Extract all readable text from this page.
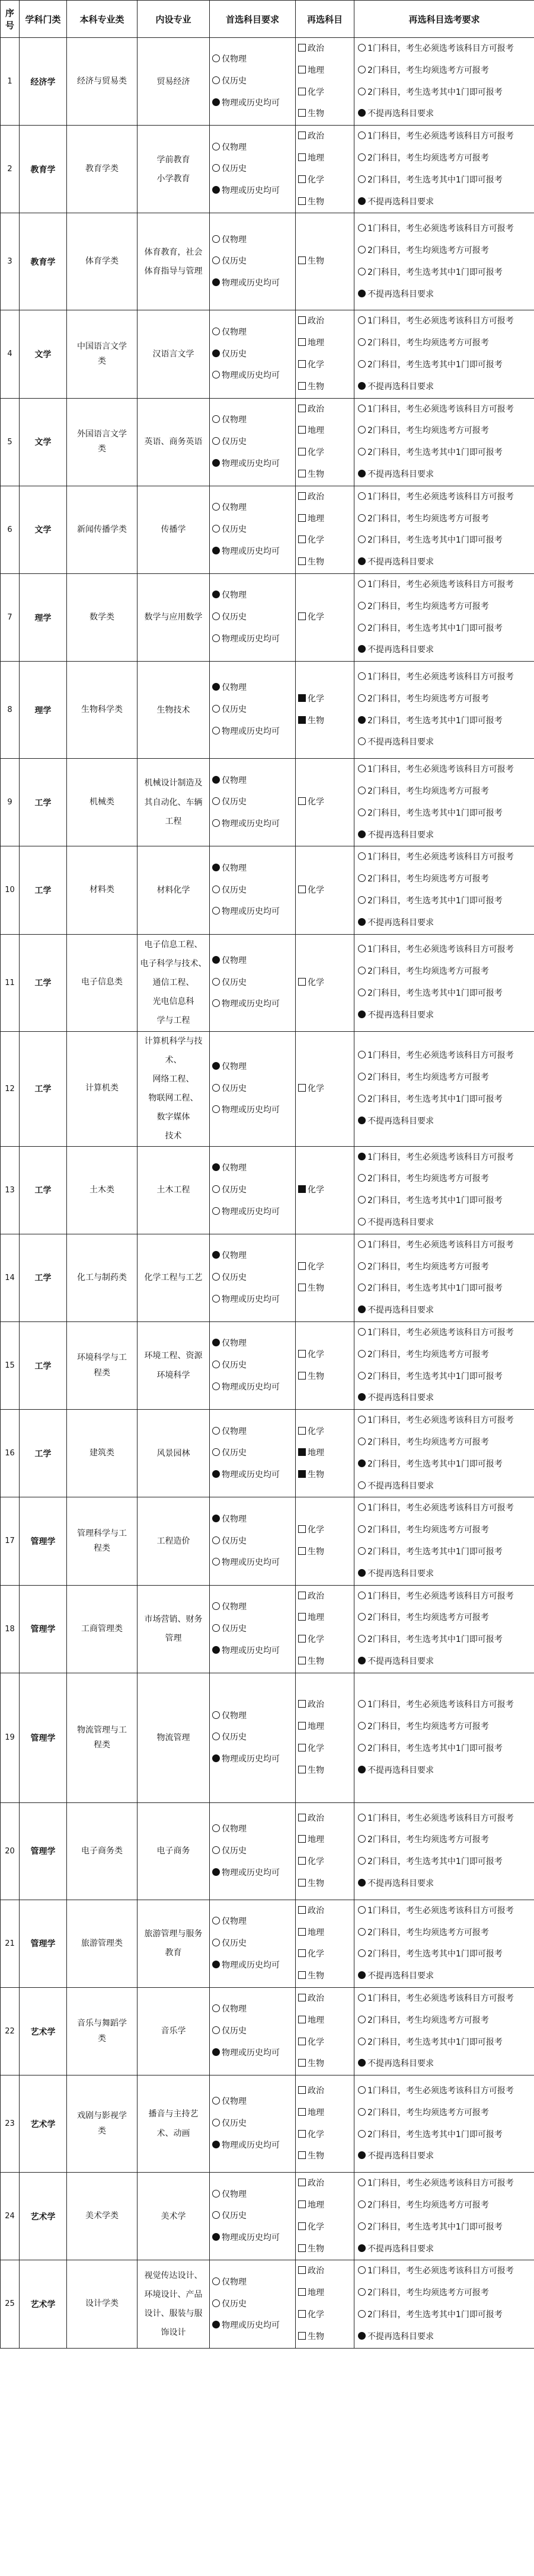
序号	学科门类	本科专业类	内设专业	首选科目要求	再选科目	再选科目选考要求
1	经济学	经济与贸易类	贸易经济	仅物理
仅历史
物理或历史均可	政治地理化学生物	1门科目，考生必须选考该科目方可报考
2门科目，考生均须选考方可报考
2门科目，考生选考其中1门即可报考
不提再选科目要求

2	教育学	教育学类	学前教育
小学教育	仅物理
仅历史
物理或历史均可	政治地理化学生物	1门科目，考生必须选考该科目方可报考
2门科目，考生均须选考方可报考
2门科目，考生选考其中1门即可报考
不提再选科目要求

3	教育学	体育学类	体育教育，社会
体育指导与管理	仅物理
仅历史
物理或历史均可	生物	1门科目，考生必须选考该科目方可报考
2门科目，考生均须选考方可报考
2门科目，考生选考其中1门即可报考
不提再选科目要求

4	文学	中国语言文学
类	汉语言文学	仅物理
仅历史
物理或历史均可	政治地理化学生物	1门科目，考生必须选考该科目方可报考
2门科目，考生均须选考方可报考
2门科目，考生选考其中1门即可报考
不提再选科目要求

5	文学	外国语言文学
类	英语、商务英语	仅物理
仅历史
物理或历史均可	政治地理化学生物	1门科目，考生必须选考该科目方可报考
2门科目，考生均须选考方可报考
2门科目，考生选考其中1门即可报考
不提再选科目要求

6	文学	新闻传播学类	传播学	仅物理
仅历史
物理或历史均可	政治地理化学生物	1门科目，考生必须选考该科目方可报考
2门科目，考生均须选考方可报考
2门科目，考生选考其中1门即可报考
不提再选科目要求

7	理学	数学类	数学与应用数学	仅物理
仅历史
物理或历史均可	化学	1门科目，考生必须选考该科目方可报考
2门科目，考生均须选考方可报考
2门科目，考生选考其中1门即可报考
不提再选科目要求

8	理学	生物科学类	生物技术	仅物理
仅历史
物理或历史均可	化学生物	1门科目，考生必须选考该科目方可报考
2门科目，考生均须选考方可报考
2门科目，考生选考其中1门即可报考
不提再选科目要求

9	工学	机械类	机械设计制造及
其自动化、车辆
工程	仅物理
仅历史
物理或历史均可	化学	1门科目，考生必须选考该科目方可报考
2门科目，考生均须选考方可报考
2门科目，考生选考其中1门即可报考
不提再选科目要求

10	工学	材料类	材料化学	仅物理
仅历史
物理或历史均可	化学	1门科目，考生必须选考该科目方可报考
2门科目，考生均须选考方可报考
2门科目，考生选考其中1门即可报考
不提再选科目要求

11	工学	电子信息类	电子信息工程、
电子科学与技术、
通信工程、
光电信息科
学与工程	仅物理
仅历史
物理或历史均可	化学	1门科目，考生必须选考该科目方可报考
2门科目，考生均须选考方可报考
2门科目，考生选考其中1门即可报考
不提再选科目要求

12	工学	计算机类	计算机科学与技术、
网络工程、
物联网工程、
数字媒体
技术	仅物理
仅历史
物理或历史均可	化学	1门科目，考生必须选考该科目方可报考
2门科目，考生均须选考方可报考
2门科目，考生选考其中1门即可报考
不提再选科目要求

13	工学	土木类	土木工程	仅物理
仅历史
物理或历史均可	化学	1门科目，考生必须选考该科目方可报考
2门科目，考生均须选考方可报考
2门科目，考生选考其中1门即可报考
不提再选科目要求

14	工学	化工与制药类	化学工程与工艺	仅物理
仅历史
物理或历史均可	化学生物	1门科目，考生必须选考该科目方可报考
2门科目，考生均须选考方可报考
2门科目，考生选考其中1门即可报考
不提再选科目要求

15	工学	环境科学与工
程类	环境工程、资源
环境科学	仅物理
仅历史
物理或历史均可	化学生物	1门科目，考生必须选考该科目方可报考
2门科目，考生均须选考方可报考
2门科目，考生选考其中1门即可报考
不提再选科目要求

16	工学	建筑类	风景园林	仅物理
仅历史
物理或历史均可	化学地理生物	1门科目，考生必须选考该科目方可报考
2门科目，考生均须选考方可报考
2门科目，考生选考其中1门即可报考
不提再选科目要求

17	管理学	管理科学与工
程类	工程造价	仅物理
仅历史
物理或历史均可	化学生物	1门科目，考生必须选考该科目方可报考
2门科目，考生均须选考方可报考
2门科目，考生选考其中1门即可报考
不提再选科目要求

18	管理学	工商管理类	市场营销、财务
管理	仅物理
仅历史
物理或历史均可	政治地理化学生物	1门科目，考生必须选考该科目方可报考
2门科目，考生均须选考方可报考
2门科目，考生选考其中1门即可报考
不提再选科目要求

19	管理学	物流管理与工
程类	物流管理	仅物理
仅历史
物理或历史均可	政治地理化学生物	1门科目，考生必须选考该科目方可报考
2门科目，考生均须选考方可报考
2门科目，考生选考其中1门即可报考
不提再选科目要求

20	管理学	电子商务类	电子商务	仅物理
仅历史
物理或历史均可	政治地理化学生物	1门科目，考生必须选考该科目方可报考
2门科目，考生均须选考方可报考
2门科目，考生选考其中1门即可报考
不提再选科目要求

21	管理学	旅游管理类	旅游管理与服务
教育	仅物理
仅历史
物理或历史均可	政治地理化学生物	1门科目，考生必须选考该科目方可报考
2门科目，考生均须选考方可报考
2门科目，考生选考其中1门即可报考
不提再选科目要求

22	艺术学	音乐与舞蹈学
类	音乐学	仅物理
仅历史
物理或历史均可	政治地理化学生物	1门科目，考生必须选考该科目方可报考
2门科目，考生均须选考方可报考
2门科目，考生选考其中1门即可报考
不提再选科目要求

23	艺术学	戏剧与影视学
类	播音与主持艺
术、动画	仅物理
仅历史
物理或历史均可	政治地理化学生物	1门科目，考生必须选考该科目方可报考
2门科目，考生均须选考方可报考
2门科目，考生选考其中1门即可报考
不提再选科目要求

24	艺术学	美术学类	美术学	仅物理
仅历史
物理或历史均可	政治地理化学生物	1门科目，考生必须选考该科目方可报考
2门科目，考生均须选考方可报考
2门科目，考生选考其中1门即可报考
不提再选科目要求

25	艺术学	设计学类	视觉传达设计、
环境设计、产品
设计、服装与服
饰设计	仅物理
仅历史
物理或历史均可	政治地理化学生物	1门科目，考生必须选考该科目方可报考
2门科目，考生均须选考方可报考
2门科目，考生选考其中1门即可报考
不提再选科目要求
